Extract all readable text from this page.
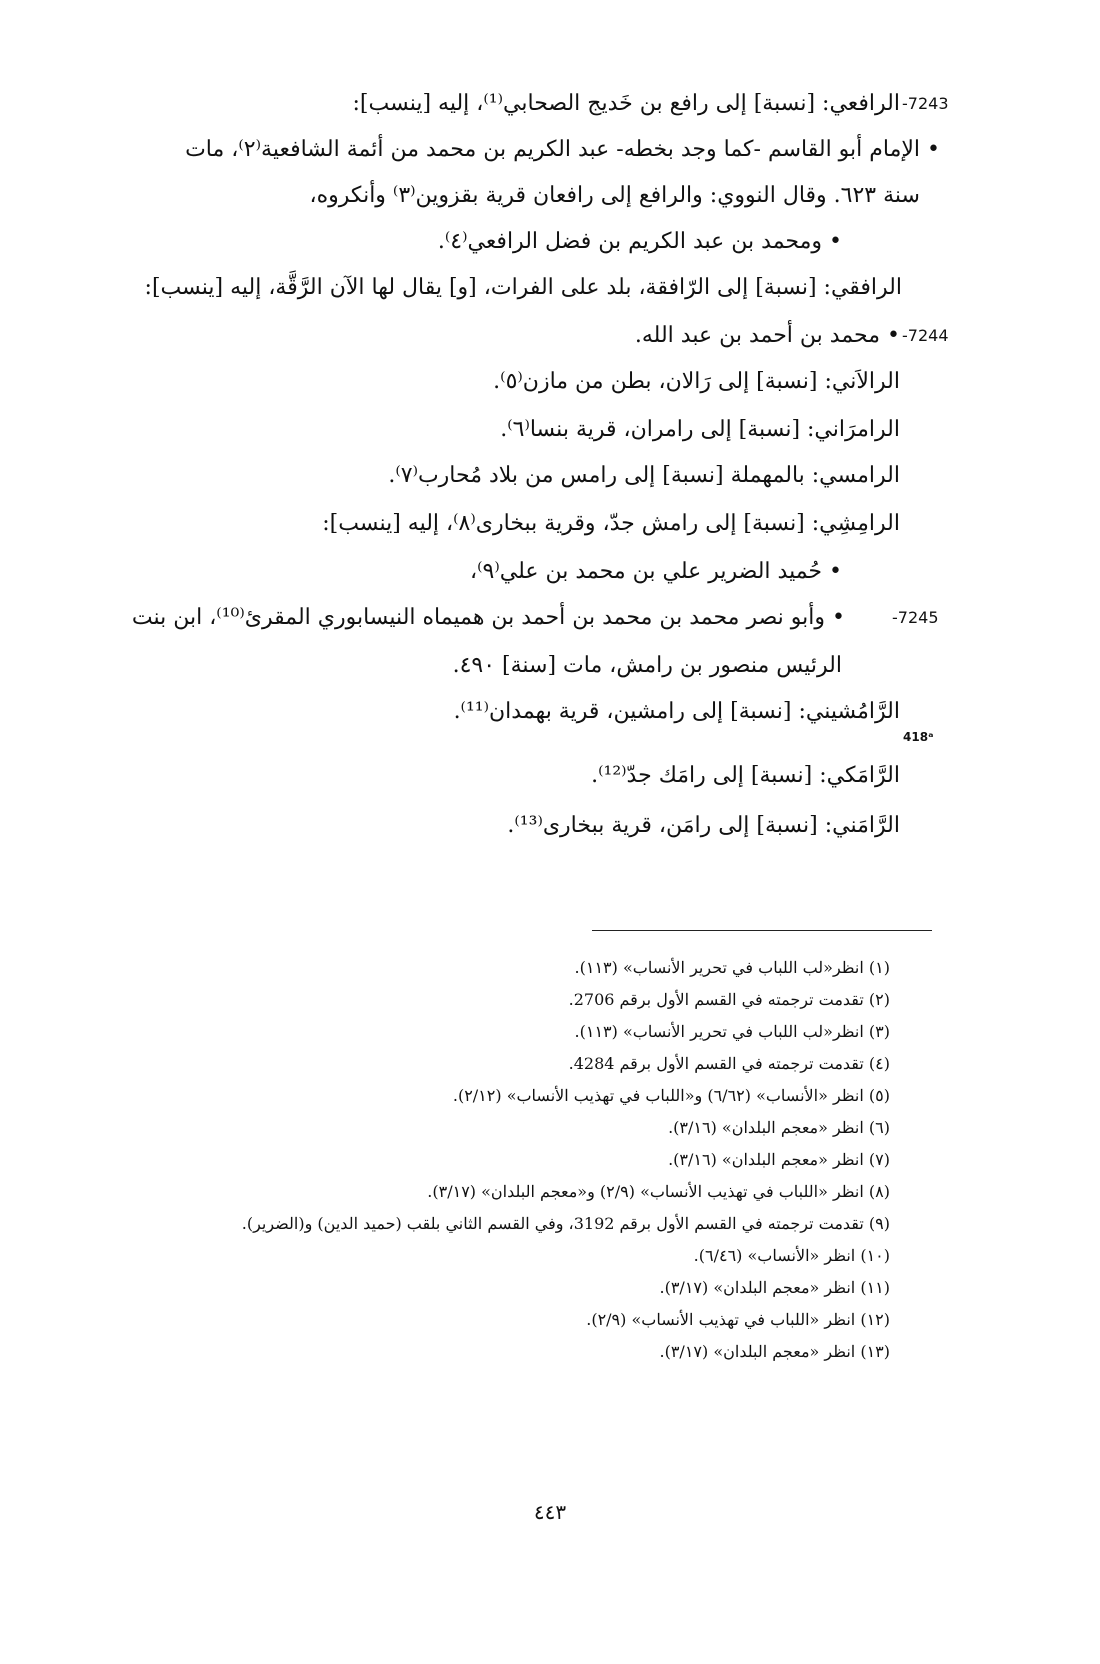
الرافعي: [نسبة] إلى رافع بن خَديج الصحابي⁽¹⁾، إليه [ينسب]: -7243
• الإمام أبو القاسم -كما وجد بخطه- عبد الكريم بن محمد من أئمة الشافعية⁽٢⁾، مات
سنة ٦٢٣. وقال النووي: والرافع إلى رافعان قرية بقزوين⁽٣⁾ وأنكروه،
• ومحمد بن عبد الكريم بن فضل الرافعي⁽٤⁾.
الرافقي: [نسبة] إلى الرّافقة، بلد على الفرات، [و] يقال لها الآن الرَّقَّة، إليه [ينسب]:
• محمد بن أحمد بن عبد الله. -7244
الرالاَني: [نسبة] إلى رَالان، بطن من مازن⁽٥⁾.
الرامرَاني: [نسبة] إلى رامران، قرية بنسا⁽٦⁾.
الرامسي: بالمهملة [نسبة] إلى رامس من بلاد مُحارب⁽٧⁾.
الرامِشِي: [نسبة] إلى رامش جدّ، وقرية ببخارى⁽٨⁾، إليه [ينسب]:
• حُميد الضرير علي بن محمد بن علي⁽٩⁾،
• وأبو نصر محمد بن محمد بن أحمد بن هميماه النيسابوري المقرئ⁽¹⁰⁾، ابن بنت	-7245
الرئيس منصور بن رامش، مات [سنة] ٤٩٠.
الرَّامُشيني: [نسبة] إلى رامشين، قرية بهمدان⁽¹¹⁾.
418ᵃ
الرَّامَكي: [نسبة] إلى رامَك جدّ⁽¹²⁾.
الرَّامَني: [نسبة] إلى رامَن، قرية ببخارى⁽¹³⁾.
(١) انظر«لب اللباب في تحرير الأنساب» (١١٣).
(٢) تقدمت ترجمته في القسم الأول برقم 2706.
(٣) انظر«لب اللباب في تحرير الأنساب» (١١٣).
(٤) تقدمت ترجمته في القسم الأول برقم 4284.
(٥) انظر «الأنساب» (٦/٦٢) و«اللباب في تهذيب الأنساب» (٢/١٢).
(٦) انظر «معجم البلدان» (٣/١٦).
(٧) انظر «معجم البلدان» (٣/١٦).
(٨) انظر «اللباب في تهذيب الأنساب» (٢/٩) و«معجم البلدان» (٣/١٧).
(٩) تقدمت ترجمته في القسم الأول برقم 3192، وفي القسم الثاني بلقب (حميد الدين) و(الضرير).
(١٠) انظر «الأنساب» (٦/٤٦).
(١١) انظر «معجم البلدان» (٣/١٧).
(١٢) انظر «اللباب في تهذيب الأنساب» (٢/٩).
(١٣) انظر «معجم البلدان» (٣/١٧).
٤٤٣
